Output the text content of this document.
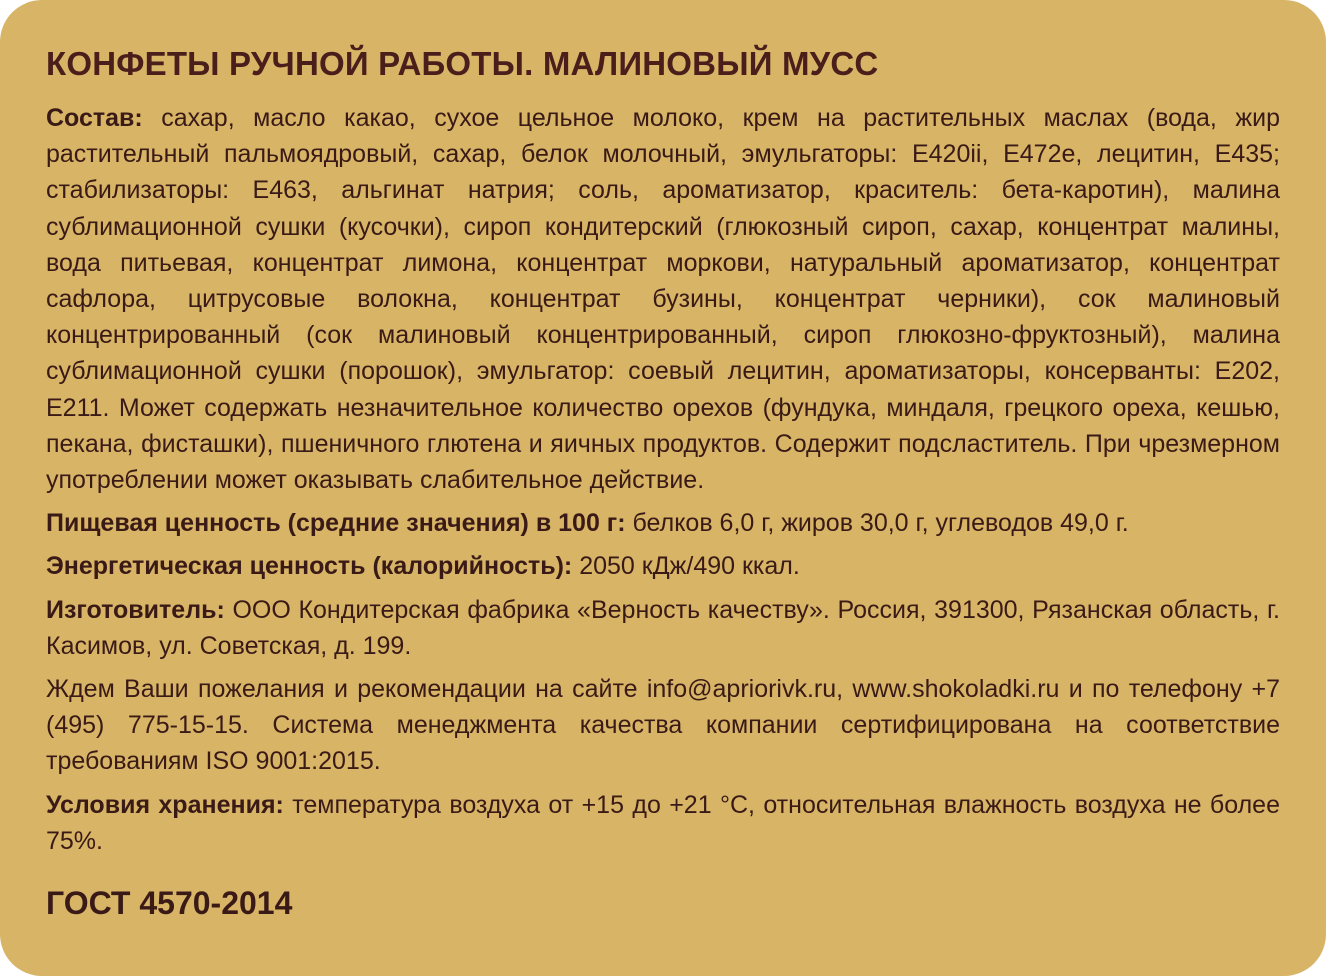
КОНФЕТЫ РУЧНОЙ РАБОТЫ. МАЛИНОВЫЙ МУСС

Состав: сахар, масло какао, сухое цельное молоко, крем на растительных маслах (вода, жир растительный пальмоядровый, сахар, белок молочный, эмульгаторы: Е420ii, Е472е, лецитин, Е435; стабилизаторы: Е463, альгинат натрия; соль, ароматизатор, краситель: бета-каротин), малина сублимационной сушки (кусочки), сироп кондитерский (глюкозный сироп, сахар, концентрат малины, вода питьевая, концентрат лимона, концентрат моркови, натуральный ароматизатор, концентрат сафлора, цитрусовые волокна, концентрат бузины, концентрат черники), сок малиновый концентрированный (сок малиновый концентрированный, сироп глюкозно-фруктозный), малина сублимационной сушки (порошок), эмульгатор: соевый лецитин, ароматизаторы, консерванты: Е202, Е211. Может содержать незначительное количество орехов (фундука, миндаля, грецкого ореха, кешью, пекана, фисташки), пшеничного глютена и яичных продуктов. Содержит подсластитель. При чрезмерном употреблении может оказывать слабительное действие.

Пищевая ценность (средние значения) в 100 г: белков 6,0 г, жиров 30,0 г, углеводов 49,0 г.

Энергетическая ценность (калорийность): 2050 кДж/490 ккал.

Изготовитель: ООО Кондитерская фабрика «Верность качеству». Россия, 391300, Рязанская область, г. Касимов, ул. Советская, д. 199.

Ждем Ваши пожелания и рекомендации на сайте info@apriorivk.ru, www.shokoladki.ru и по телефону +7 (495) 775-15-15. Система менеджмента качества компании сертифицирована на соответствие требованиям ISO 9001:2015.

Условия хранения: температура воздуха от +15 до +21 °С, относительная влажность воздуха не более 75%.

ГОСТ 4570-2014
